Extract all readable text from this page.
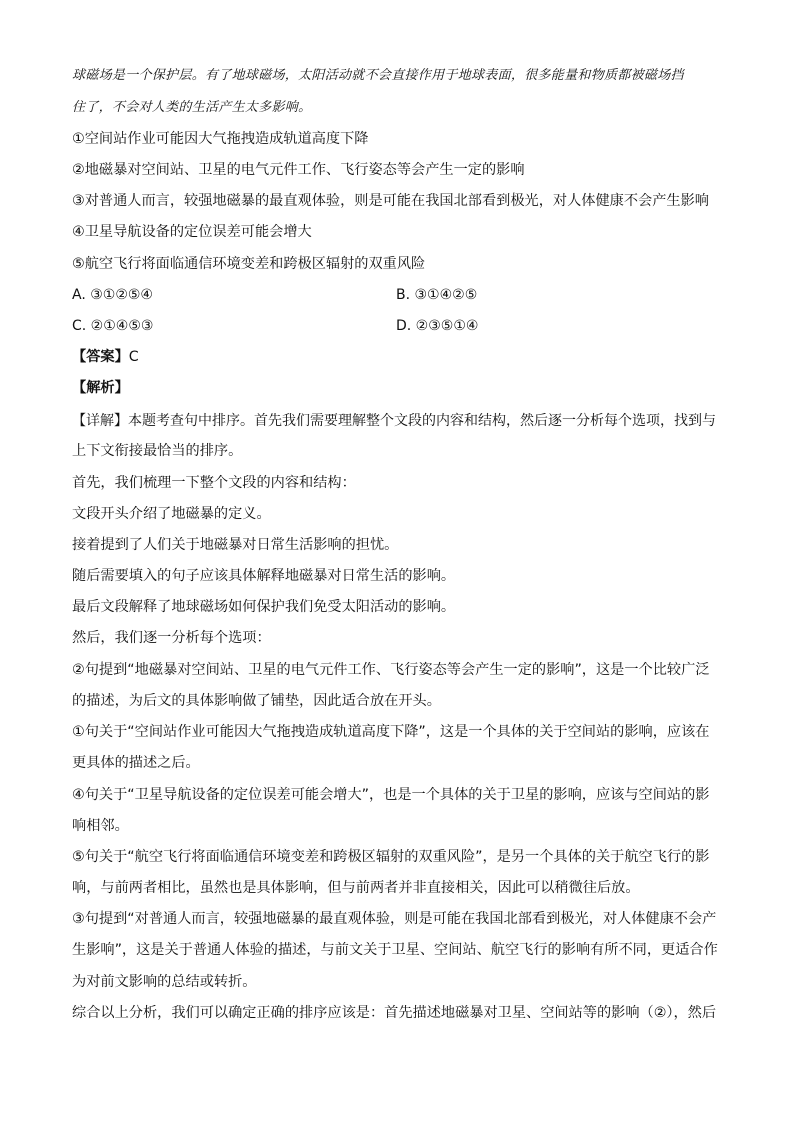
球磁场是一个保护层。有了地球磁场，太阳活动就不会直接作用于地球表面，很多能量和物质都被磁场挡

住了，不会对人类的生活产生太多影响。

①空间站作业可能因大气拖拽造成轨道高度下降

②地磁暴对空间站、卫星的电气元件工作、飞行姿态等会产生一定的影响

③对普通人而言，较强地磁暴的最直观体验，则是可能在我国北部看到极光，对人体健康不会产生影响

④卫星导航设备的定位误差可能会增大

⑤航空飞行将面临通信环境变差和跨极区辐射的双重风险

A. ③①②⑤④	B. ③①④②⑤

C. ②①④⑤③	D. ②③⑤①④

【答案】C

【解析】

【详解】本题考查句中排序。首先我们需要理解整个文段的内容和结构，然后逐一分析每个选项，找到与

上下文衔接最恰当的排序。

首先，我们梳理一下整个文段的内容和结构：

文段开头介绍了地磁暴的定义。

接着提到了人们关于地磁暴对日常生活影响的担忧。

随后需要填入的句子应该具体解释地磁暴对日常生活的影响。

最后文段解释了地球磁场如何保护我们免受太阳活动的影响。

然后，我们逐一分析每个选项：

②句提到“地磁暴对空间站、卫星的电气元件工作、飞行姿态等会产生一定的影响”，这是一个比较广泛

的描述，为后文的具体影响做了铺垫，因此适合放在开头。

①句关于“空间站作业可能因大气拖拽造成轨道高度下降”，这是一个具体的关于空间站的影响，应该在

更具体的描述之后。

④句关于“卫星导航设备的定位误差可能会增大”，也是一个具体的关于卫星的影响，应该与空间站的影

响相邻。

⑤句关于“航空飞行将面临通信环境变差和跨极区辐射的双重风险”，是另一个具体的关于航空飞行的影

响，与前两者相比，虽然也是具体影响，但与前两者并非直接相关，因此可以稍微往后放。

③句提到“对普通人而言，较强地磁暴的最直观体验，则是可能在我国北部看到极光，对人体健康不会产

生影响”，这是关于普通人体验的描述，与前文关于卫星、空间站、航空飞行的影响有所不同，更适合作

为对前文影响的总结或转折。

综合以上分析，我们可以确定正确的排序应该是：首先描述地磁暴对卫星、空间站等的影响（②），然后
